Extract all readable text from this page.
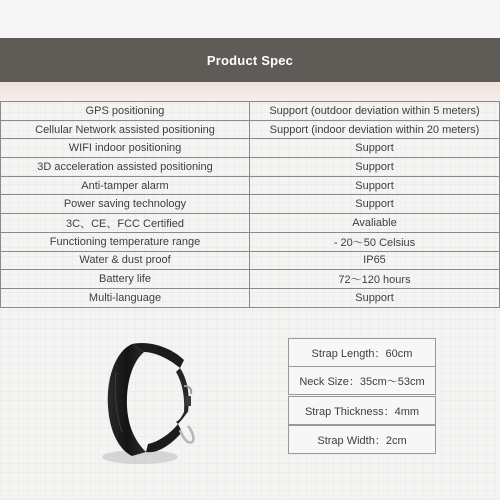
Product Spec
GPS positioning	Support (outdoor deviation within 5 meters)
Cellular Network assisted positioning	Support (indoor deviation within 20 meters)
WIFI indoor positioning	Support
3D acceleration assisted positioning	Support
Anti-tamper alarm	Support
Power saving technology	Support
3C、CE、FCC Certified	Avaliable
Functioning temperature range	- 20～50 Celsius
Water & dust proof	IP65
Battery life	72～120 hours
Multi-language	Support
Strap Length：60cm
Neck Size：35cm～53cm
Strap Thickness：4mm
Strap Width：2cm
